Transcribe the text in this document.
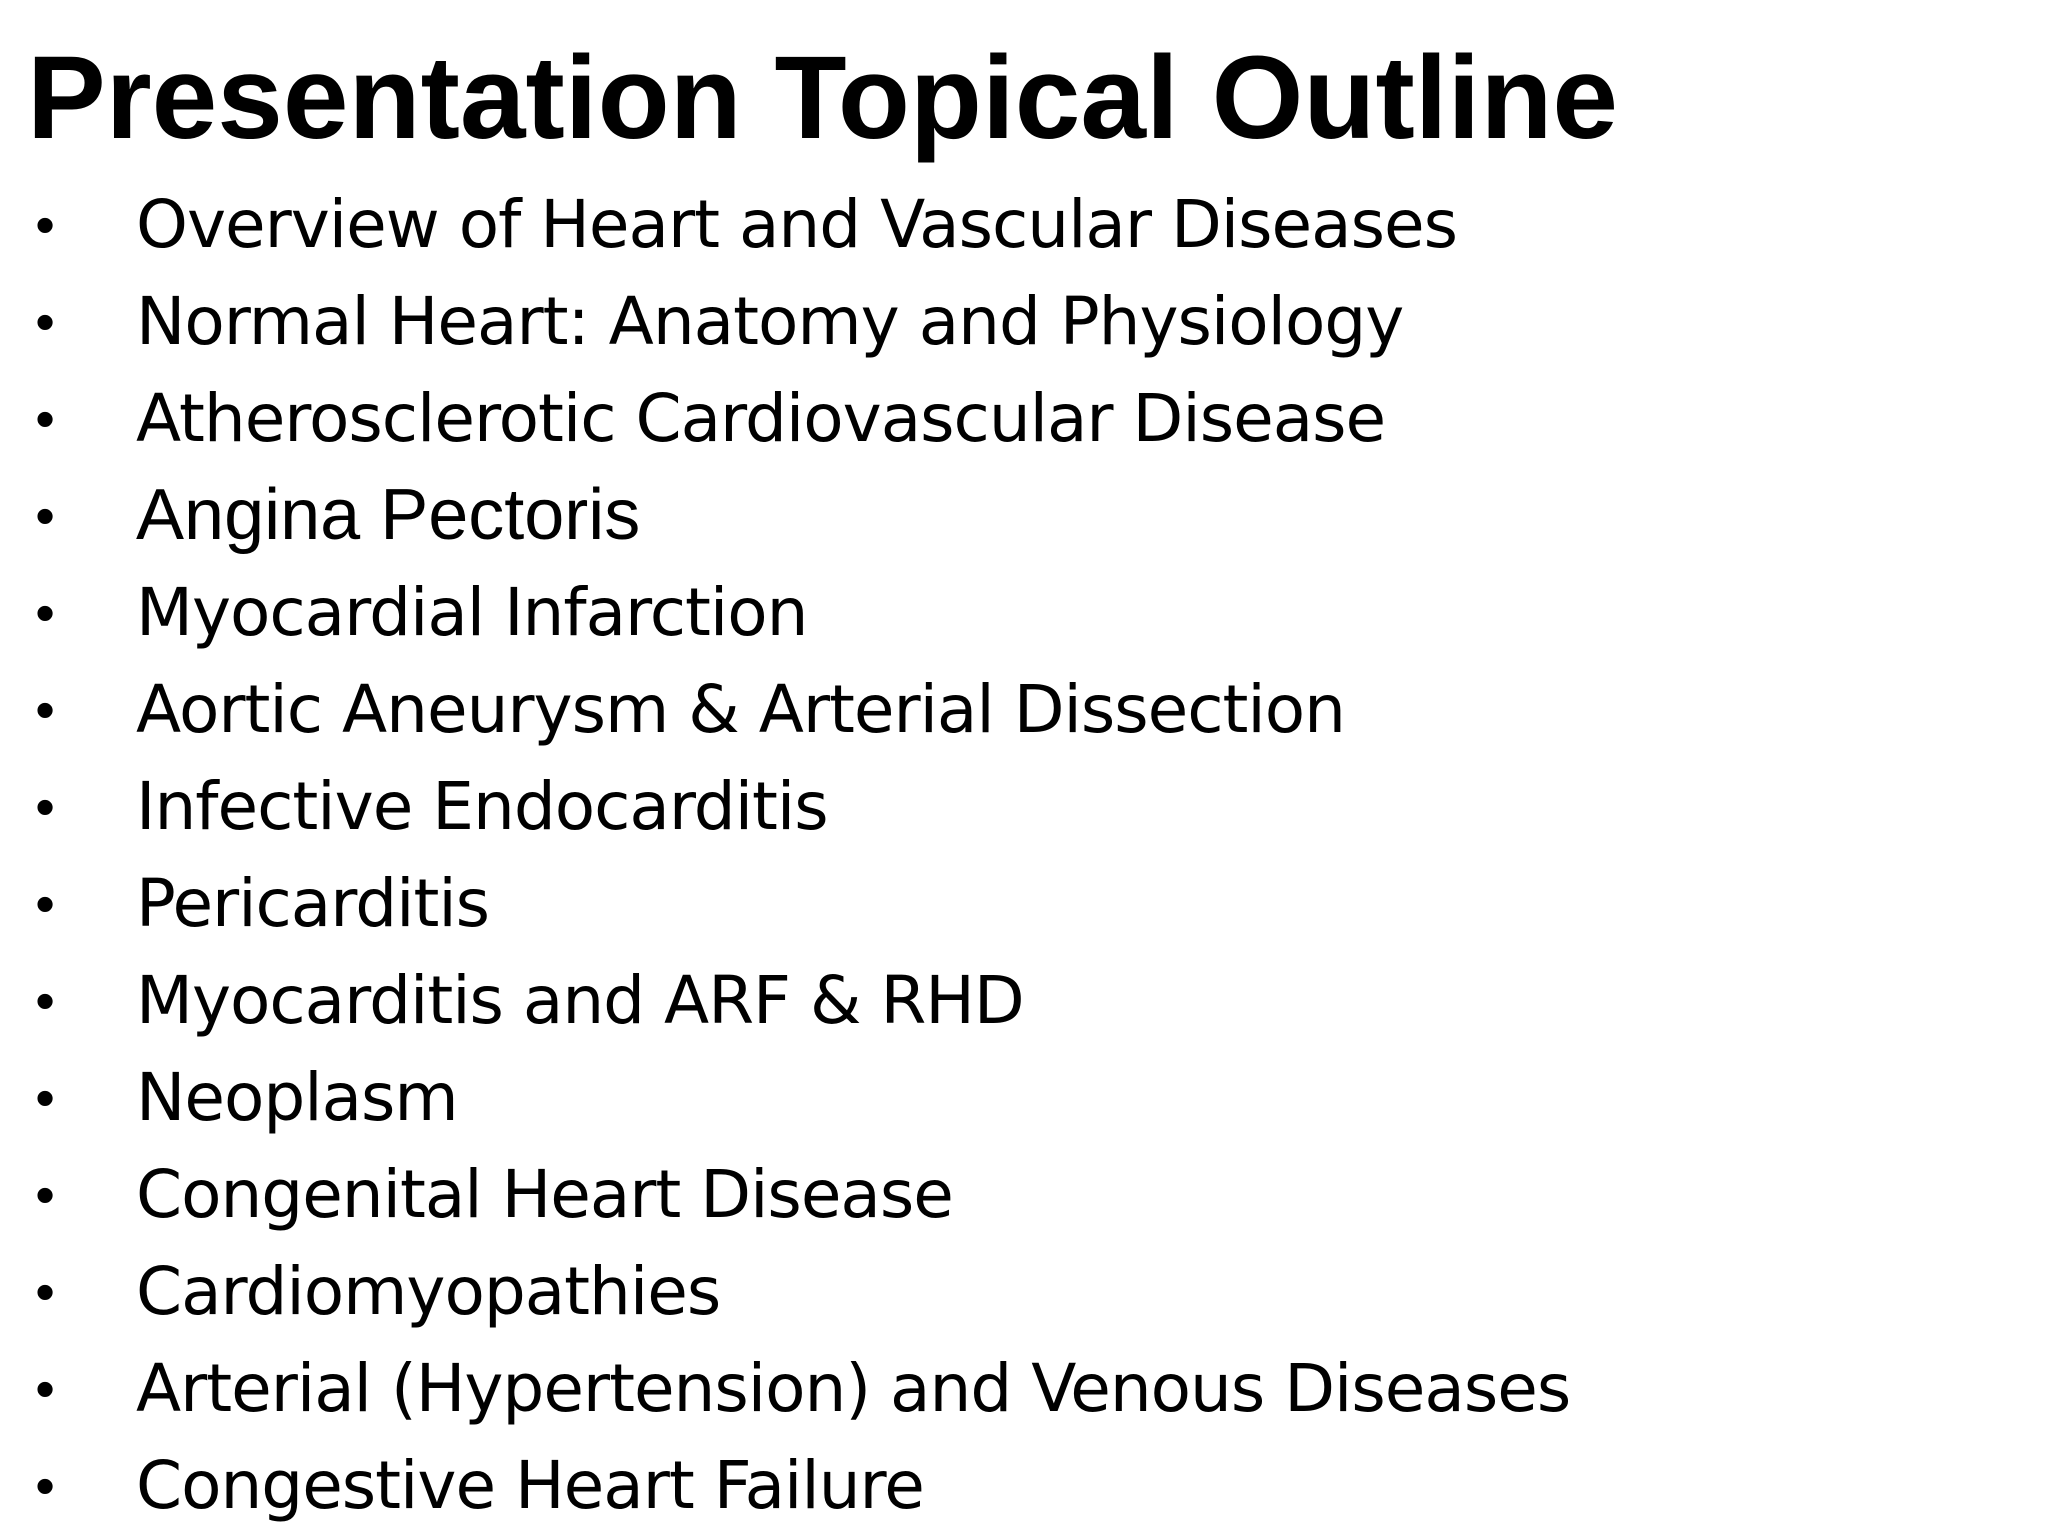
Presentation Topical Outline
• Overview of Heart and Vascular Diseases
• Normal Heart: Anatomy and Physiology
• Atherosclerotic Cardiovascular Disease
• Angina Pectoris
• Myocardial Infarction
• Aortic Aneurysm & Arterial Dissection
• Infective Endocarditis
• Pericarditis
• Myocarditis and ARF & RHD
• Neoplasm
• Congenital Heart Disease
• Cardiomyopathies
• Arterial (Hypertension) and Venous Diseases
• Congestive Heart Failure
